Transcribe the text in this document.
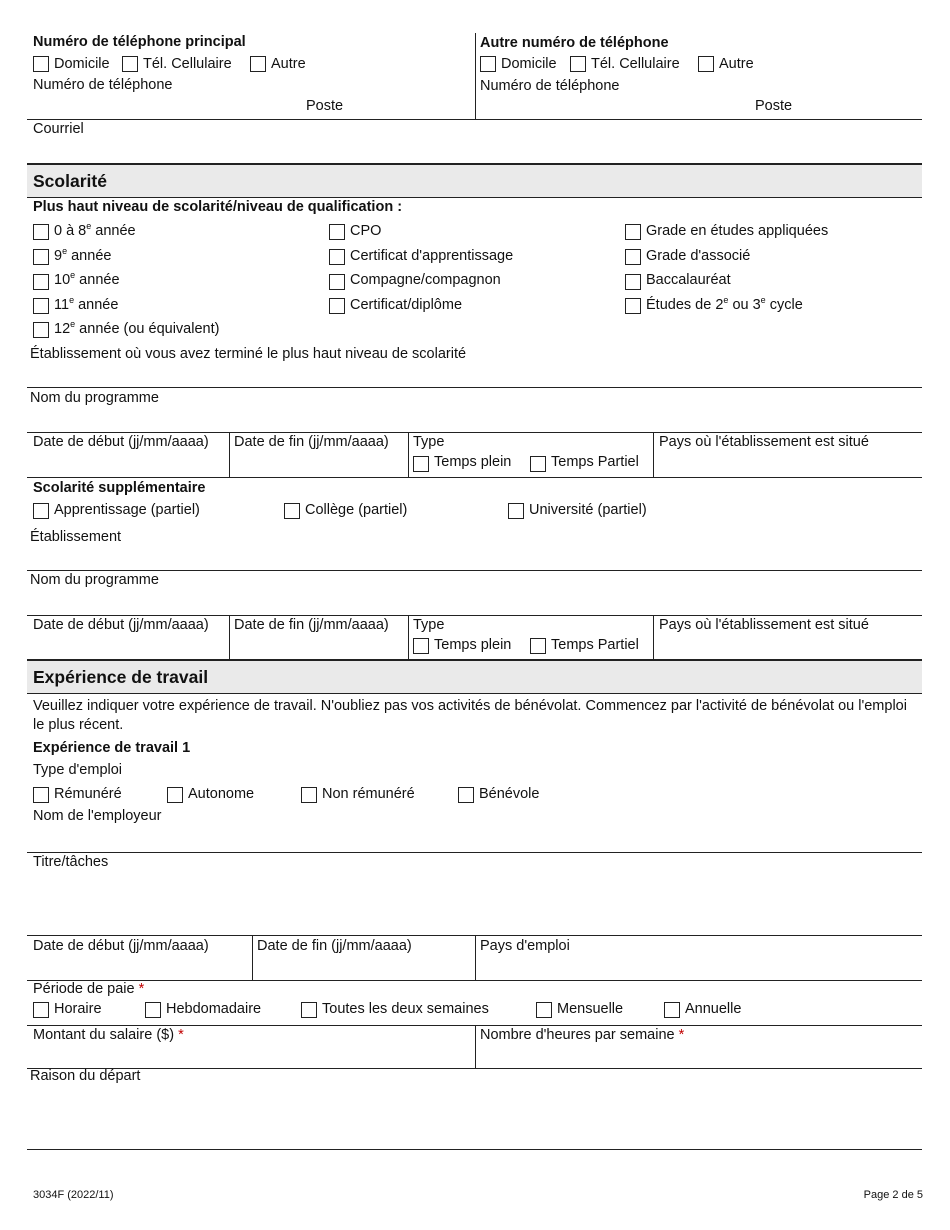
Numéro de téléphone principal
Domicile Tél. Cellulaire	Autre
Numéro de téléphone
Poste
Autre numéro de téléphone
Domicile Tél. Cellulaire	Autre
Numéro de téléphone
Poste
Courriel
Scolarité
Plus haut niveau de scolarité/niveau de qualification :
0 à 8e année
9e année
10e année
11e année
12e année (ou équivalent)
CPO
Certificat d'apprentissage
Compagne/compagnon
Certificat/diplôme
Grade en études appliquées
Grade d'associé
Baccalauréat
Études de 2e ou 3e cycle
Établissement où vous avez terminé le plus haut niveau de scolarité
Nom du programme
Date de début (jj/mm/aaaa) Date de fin (jj/mm/aaaa) Type
Temps plein	Temps Partiel
Pays où l'établissement est situé
Scolarité supplémentaire
Apprentissage (partiel)	Collège (partiel)	Université (partiel)
Établissement
Nom du programme
Date de début (jj/mm/aaaa) Date de fin (jj/mm/aaaa) Type
Temps plein	Temps Partiel
Pays où l'établissement est situé
Expérience de travail
Veuillez indiquer votre expérience de travail. N'oubliez pas vos activités de bénévolat. Commencez par l'activité de bénévolat ou l'emploi le plus récent.
Expérience de travail 1
Type d'emploi
Rémunéré	Autonome	Non rémunéré	Bénévole
Nom de l'employeur
Titre/tâches
Date de début (jj/mm/aaaa)	Date de fin (jj/mm/aaaa)	Pays d'emploi
Période de paie *
Horaire	Hebdomadaire	Toutes les deux semaines	Mensuelle	Annuelle
Montant du salaire ($) *	Nombre d'heures par semaine *
Raison du départ
3034F (2022/11)	Page 2 de 5
